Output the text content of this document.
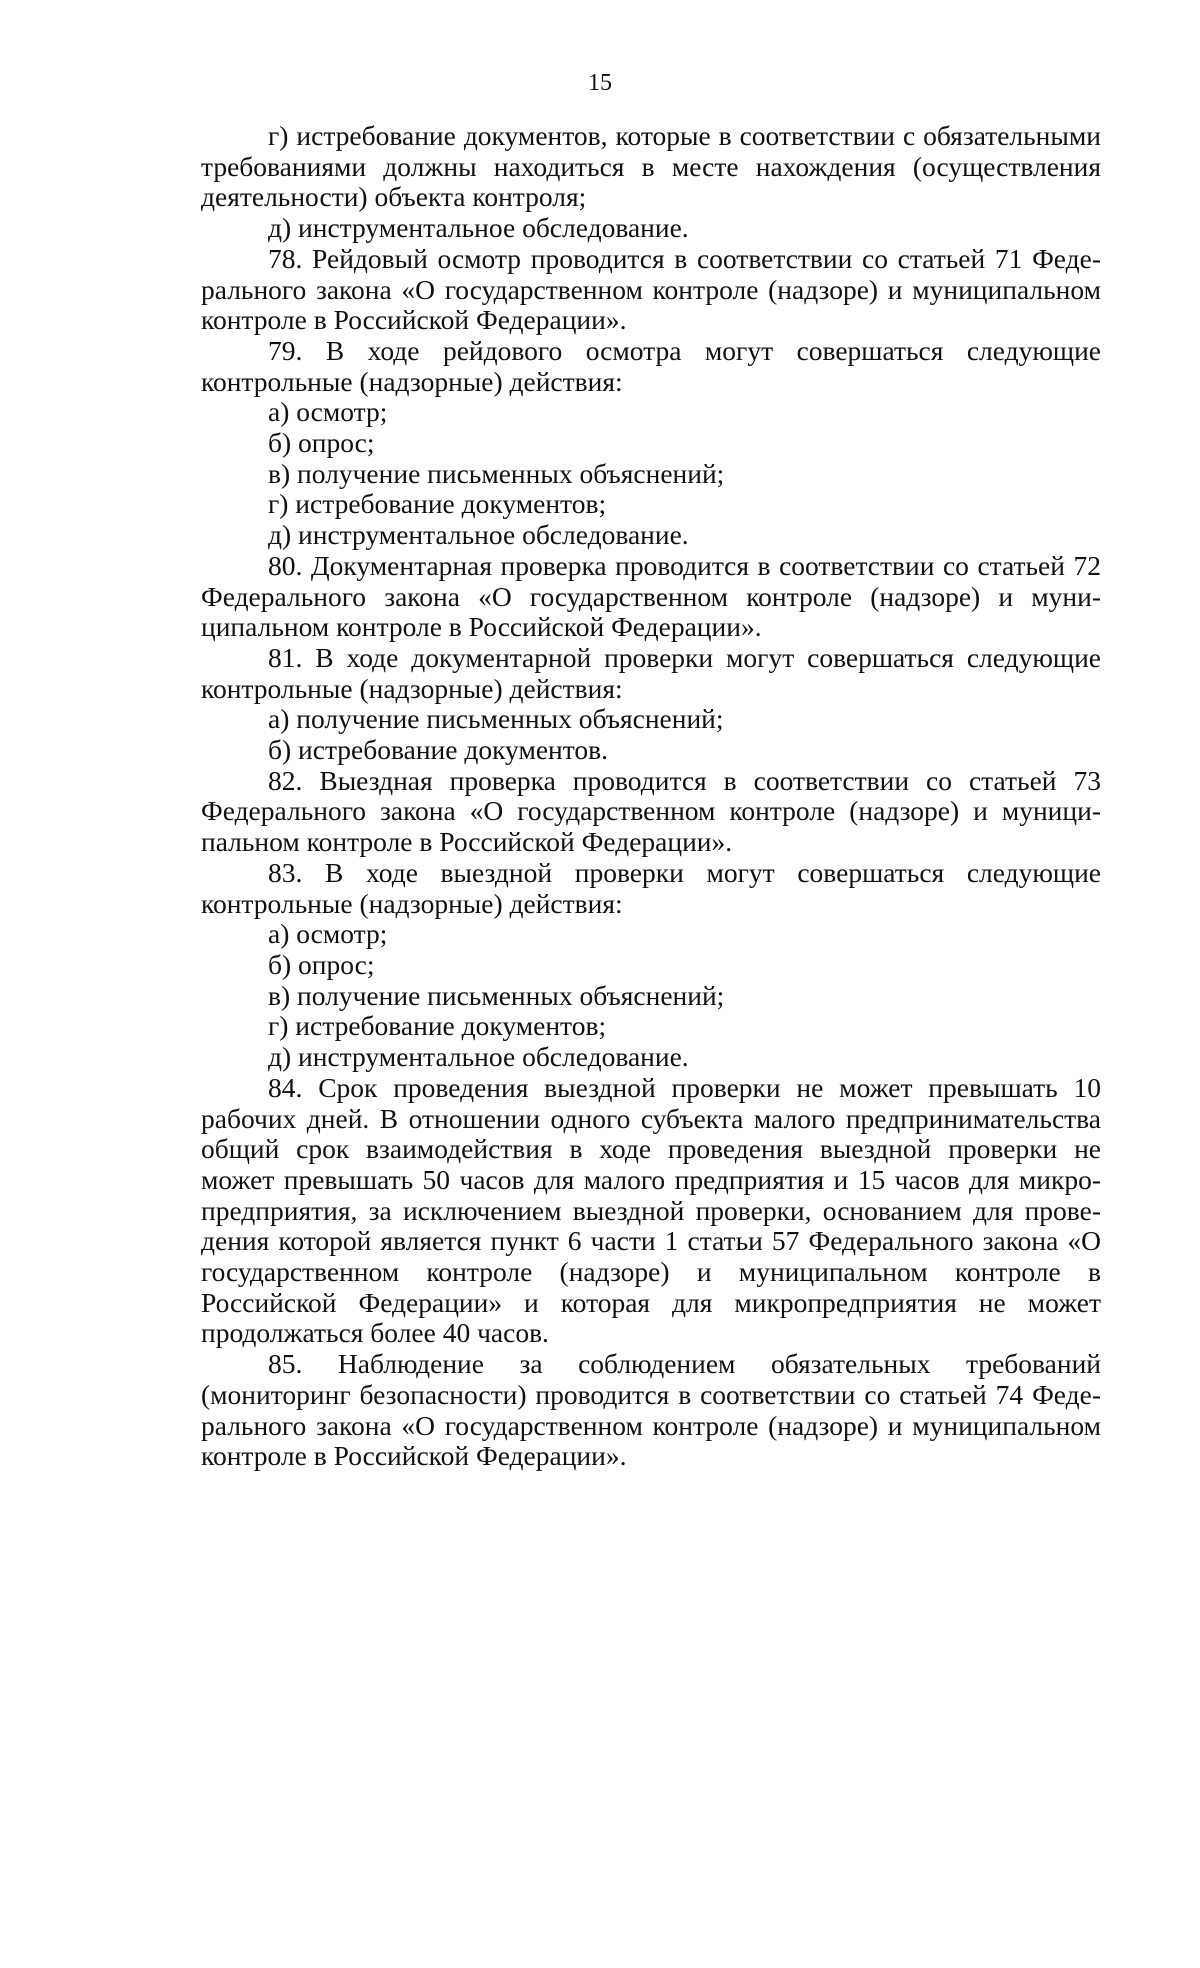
15

г) истребование документов, которые в соответствии с обязательными требованиями должны находиться в месте нахождения (осуществления деятельности) объекта контроля;

д) инструментальное обследование.

78. Рейдовый осмотр проводится в соответствии со статьей 71 Феде-рального закона «О государственном контроле (надзоре) и муниципальном контроле в Российской Федерации».

79. В ходе рейдового осмотра могут совершаться следующие контрольные (надзорные) действия:

а) осмотр;

б) опрос;

в) получение письменных объяснений;

г) истребование документов;

д) инструментальное обследование.

80. Документарная проверка проводится в соответствии со статьей 72 Федерального закона «О государственном контроле (надзоре) и муни-ципальном контроле в Российской Федерации».

81. В ходе документарной проверки могут совершаться следующие контрольные (надзорные) действия:

а) получение письменных объяснений;

б) истребование документов.

82. Выездная проверка проводится в соответствии со статьей 73 Федерального закона «О государственном контроле (надзоре) и муници-пальном контроле в Российской Федерации».

83. В ходе выездной проверки могут совершаться следующие контрольные (надзорные) действия:

а) осмотр;

б) опрос;

в) получение письменных объяснений;

г) истребование документов;

д) инструментальное обследование.

84. Срок проведения выездной проверки не может превышать 10 рабочих дней. В отношении одного субъекта малого предпринимательства общий срок взаимодействия в ходе проведения выездной проверки не может превышать 50 часов для малого предприятия и 15 часов для микро-предприятия, за исключением выездной проверки, основанием для прове-дения которой является пункт 6 части 1 статьи 57 Федерального закона «О государственном контроле (надзоре) и муниципальном контроле в Российской Федерации» и которая для микропредприятия не может продолжаться более 40 часов.

85. Наблюдение за соблюдением обязательных требований (мониторинг безопасности) проводится в соответствии со статьей 74 Феде-рального закона «О государственном контроле (надзоре) и муниципальном контроле в Российской Федерации».
